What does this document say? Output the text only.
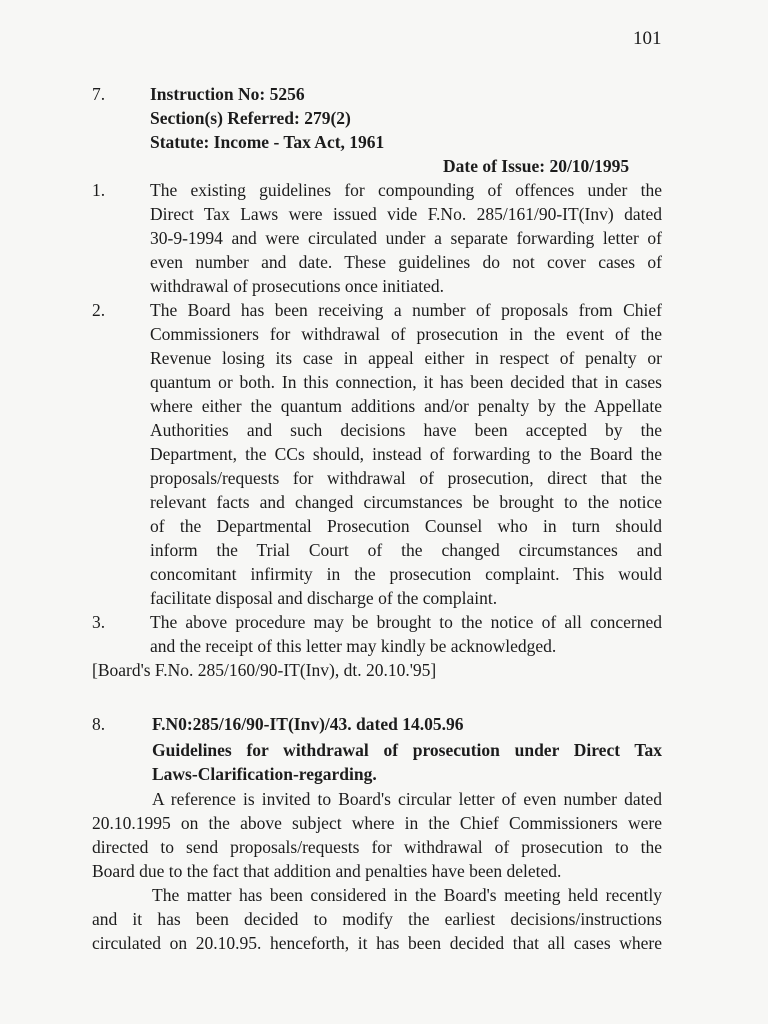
101
7.	Instruction No: 5256
Section(s) Referred: 279(2)
Statute: Income - Tax Act, 1961
Date of Issue: 20/10/1995
1.	The existing guidelines for compounding of offences under the
Direct Tax Laws were issued vide F.No. 285/161/90-IT(Inv) dated
30-9-1994 and were circulated under a separate forwarding letter of
even number and date. These guidelines do not cover cases of
withdrawal of prosecutions once initiated.
2.	The Board has been receiving a number of proposals from Chief
Commissioners for withdrawal of prosecution in the event of the
Revenue losing its case in appeal either in respect of penalty or
quantum or both. In this connection, it has been decided that in cases
where either the quantum additions and/or penalty by the Appellate
Authorities and such decisions have been accepted by the
Department, the CCs should, instead of forwarding to the Board the
proposals/requests for withdrawal of prosecution, direct that the
relevant facts and changed circumstances be brought to the notice
of the Departmental Prosecution Counsel who in turn should
inform the Trial Court of the changed circumstances and
concomitant infirmity in the prosecution complaint. This would
facilitate disposal and discharge of the complaint.
3.	The above procedure may be brought to the notice of all concerned
and the receipt of this letter may kindly be acknowledged.
[Board's F.No. 285/160/90-IT(Inv), dt. 20.10.'95]
8.	F.N0:285/16/90-IT(Inv)/43. dated 14.05.96
Guidelines for withdrawal of prosecution under Direct Tax
Laws-Clarification-regarding.
A reference is invited to Board's circular letter of even number dated
20.10.1995 on the above subject where in the Chief Commissioners were
directed to send proposals/requests for withdrawal of prosecution to the
Board due to the fact that addition and penalties have been deleted.
The matter has been considered in the Board's meeting held recently
and it has been decided to modify the earliest decisions/instructions
circulated on 20.10.95. henceforth, it has been decided that all cases where
